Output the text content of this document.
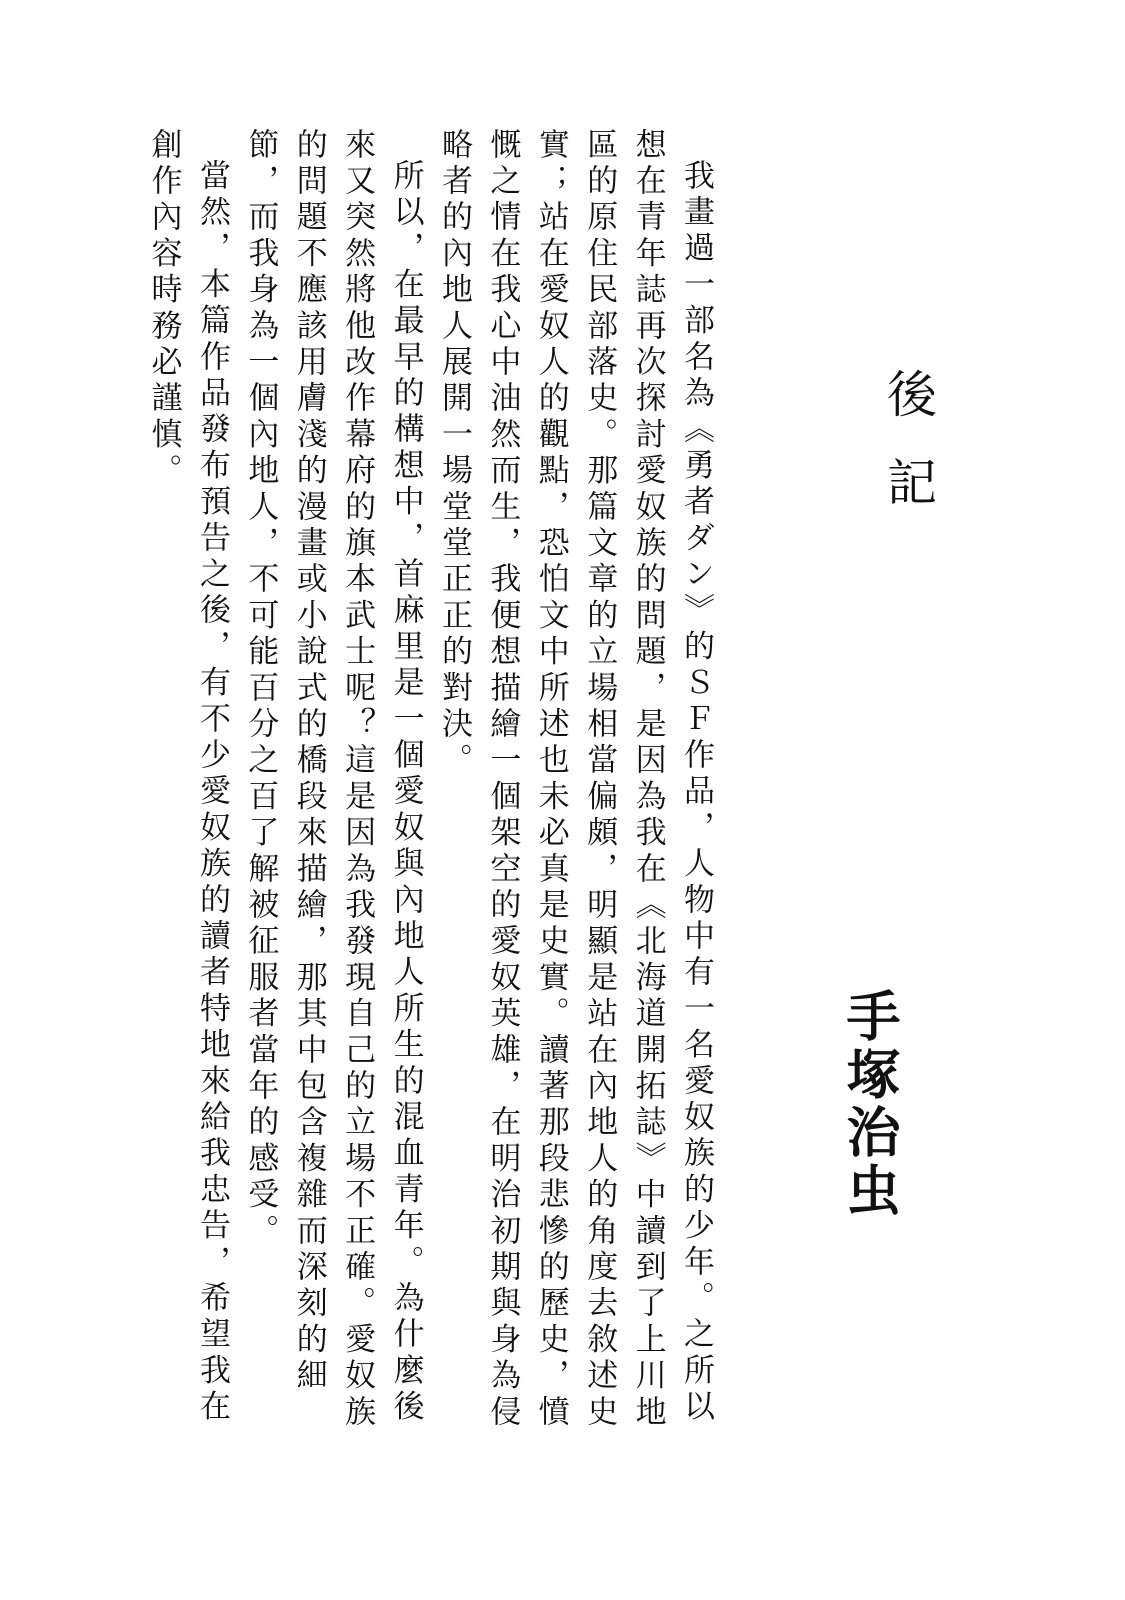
後記
手塚治虫

我畫過一部名為《勇者ダン》的ＳＦ作品，人物中有一名愛奴族的少年。之所以想在青年誌再次探討愛奴族的問題，是因為我在《北海道開拓誌》中讀到了上川地區的原住民部落史。那篇文章的立場相當偏頗，明顯是站在內地人的角度去敘述史實；站在愛奴人的觀點，恐怕文中所述也未必真是史實。讀著那段悲慘的歷史，憤慨之情在我心中油然而生，我便想描繪一個架空的愛奴英雄，在明治初期與身為侵略者的內地人展開一場堂堂正正的對決。

所以，在最早的構想中，首麻里是一個愛奴與內地人所生的混血青年。為什麼後來又突然將他改作幕府的旗本武士呢？這是因為我發現自己的立場不正確。愛奴族的問題不應該用膚淺的漫畫或小說式的橋段來描繪，那其中包含複雜而深刻的細節，而我身為一個內地人，不可能百分之百了解被征服者當年的感受。

當然，本篇作品發布預告之後，有不少愛奴族的讀者特地來給我忠告，希望我在創作內容時務必謹慎。
